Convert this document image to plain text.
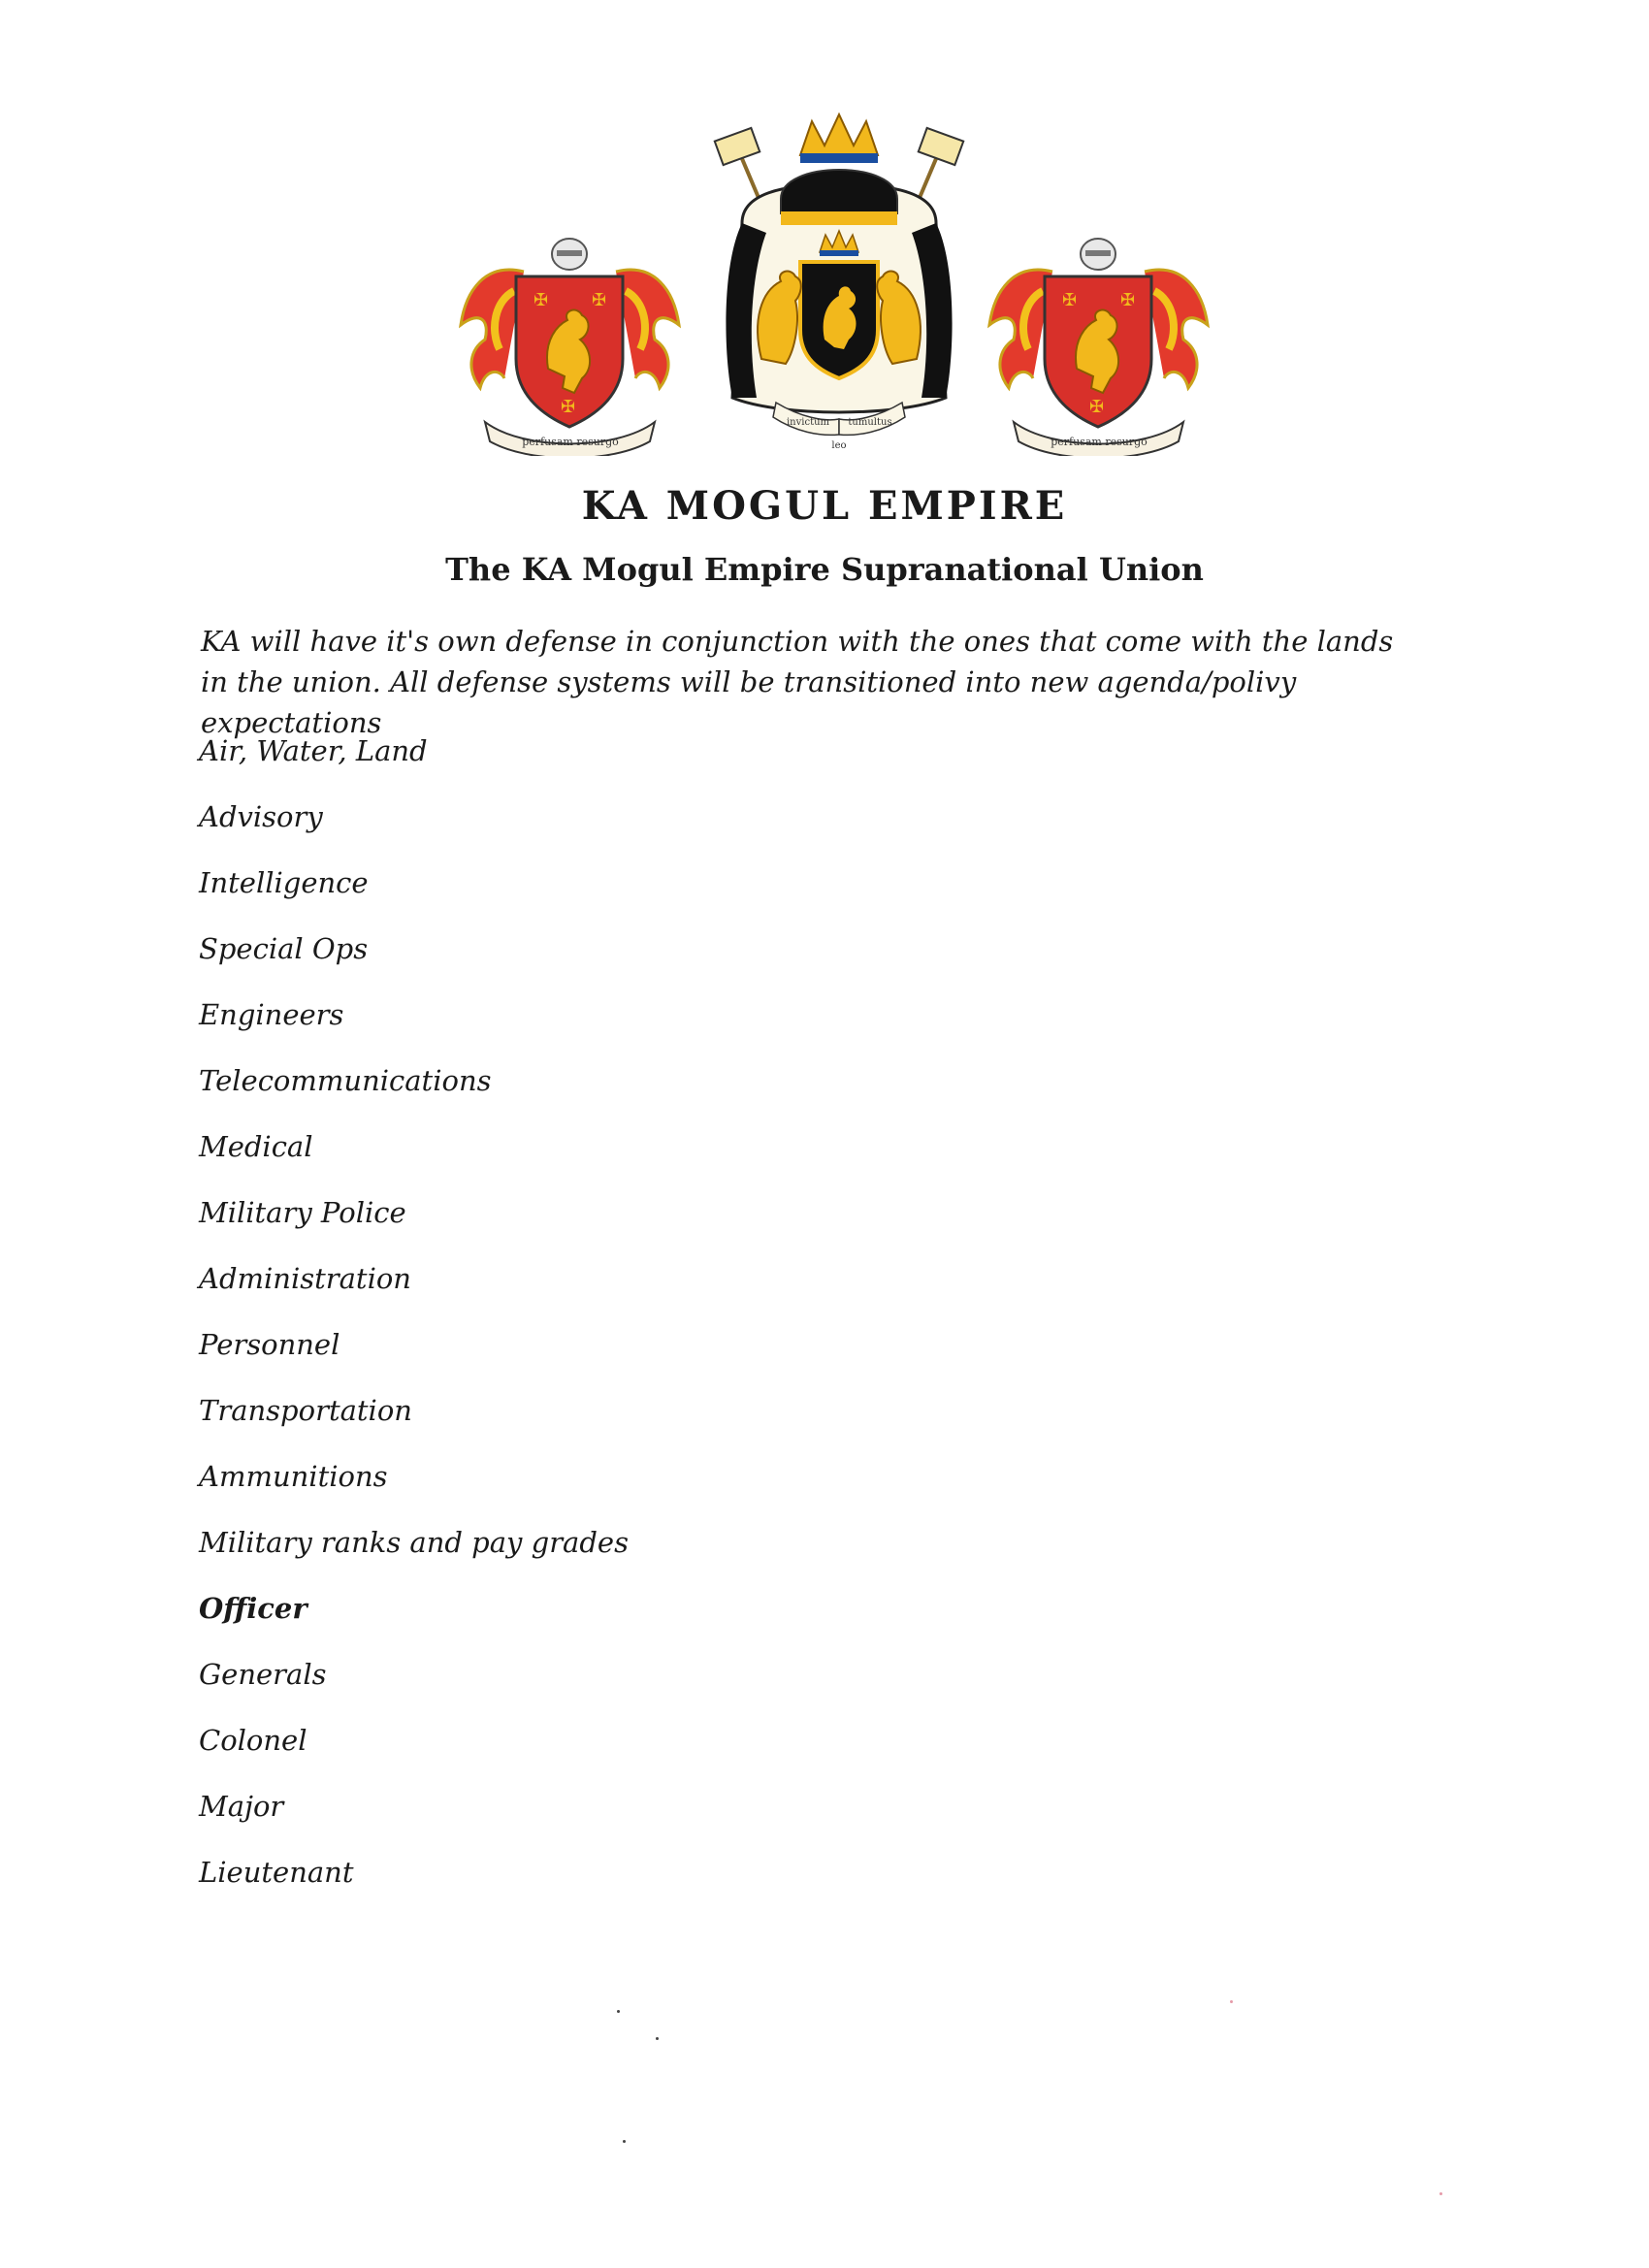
✠ ✠
✠
perfusam resurgo
invictum tumultus
leo
✠ ✠
✠
perfusam resurgo
KA MOGUL EMPIRE
The KA Mogul Empire Supranational Union

KA will have it's own defense in conjunction with the ones that come with the lands in the union. All defense systems will be transitioned into new agenda/polivy expectations

Air, Water, Land
Advisory
Intelligence
Special Ops
Engineers
Telecommunications
Medical
Military Police
Administration
Personnel
Transportation
Ammunitions
Military ranks and pay grades
Officer
Generals
Colonel
Major
Lieutenant
